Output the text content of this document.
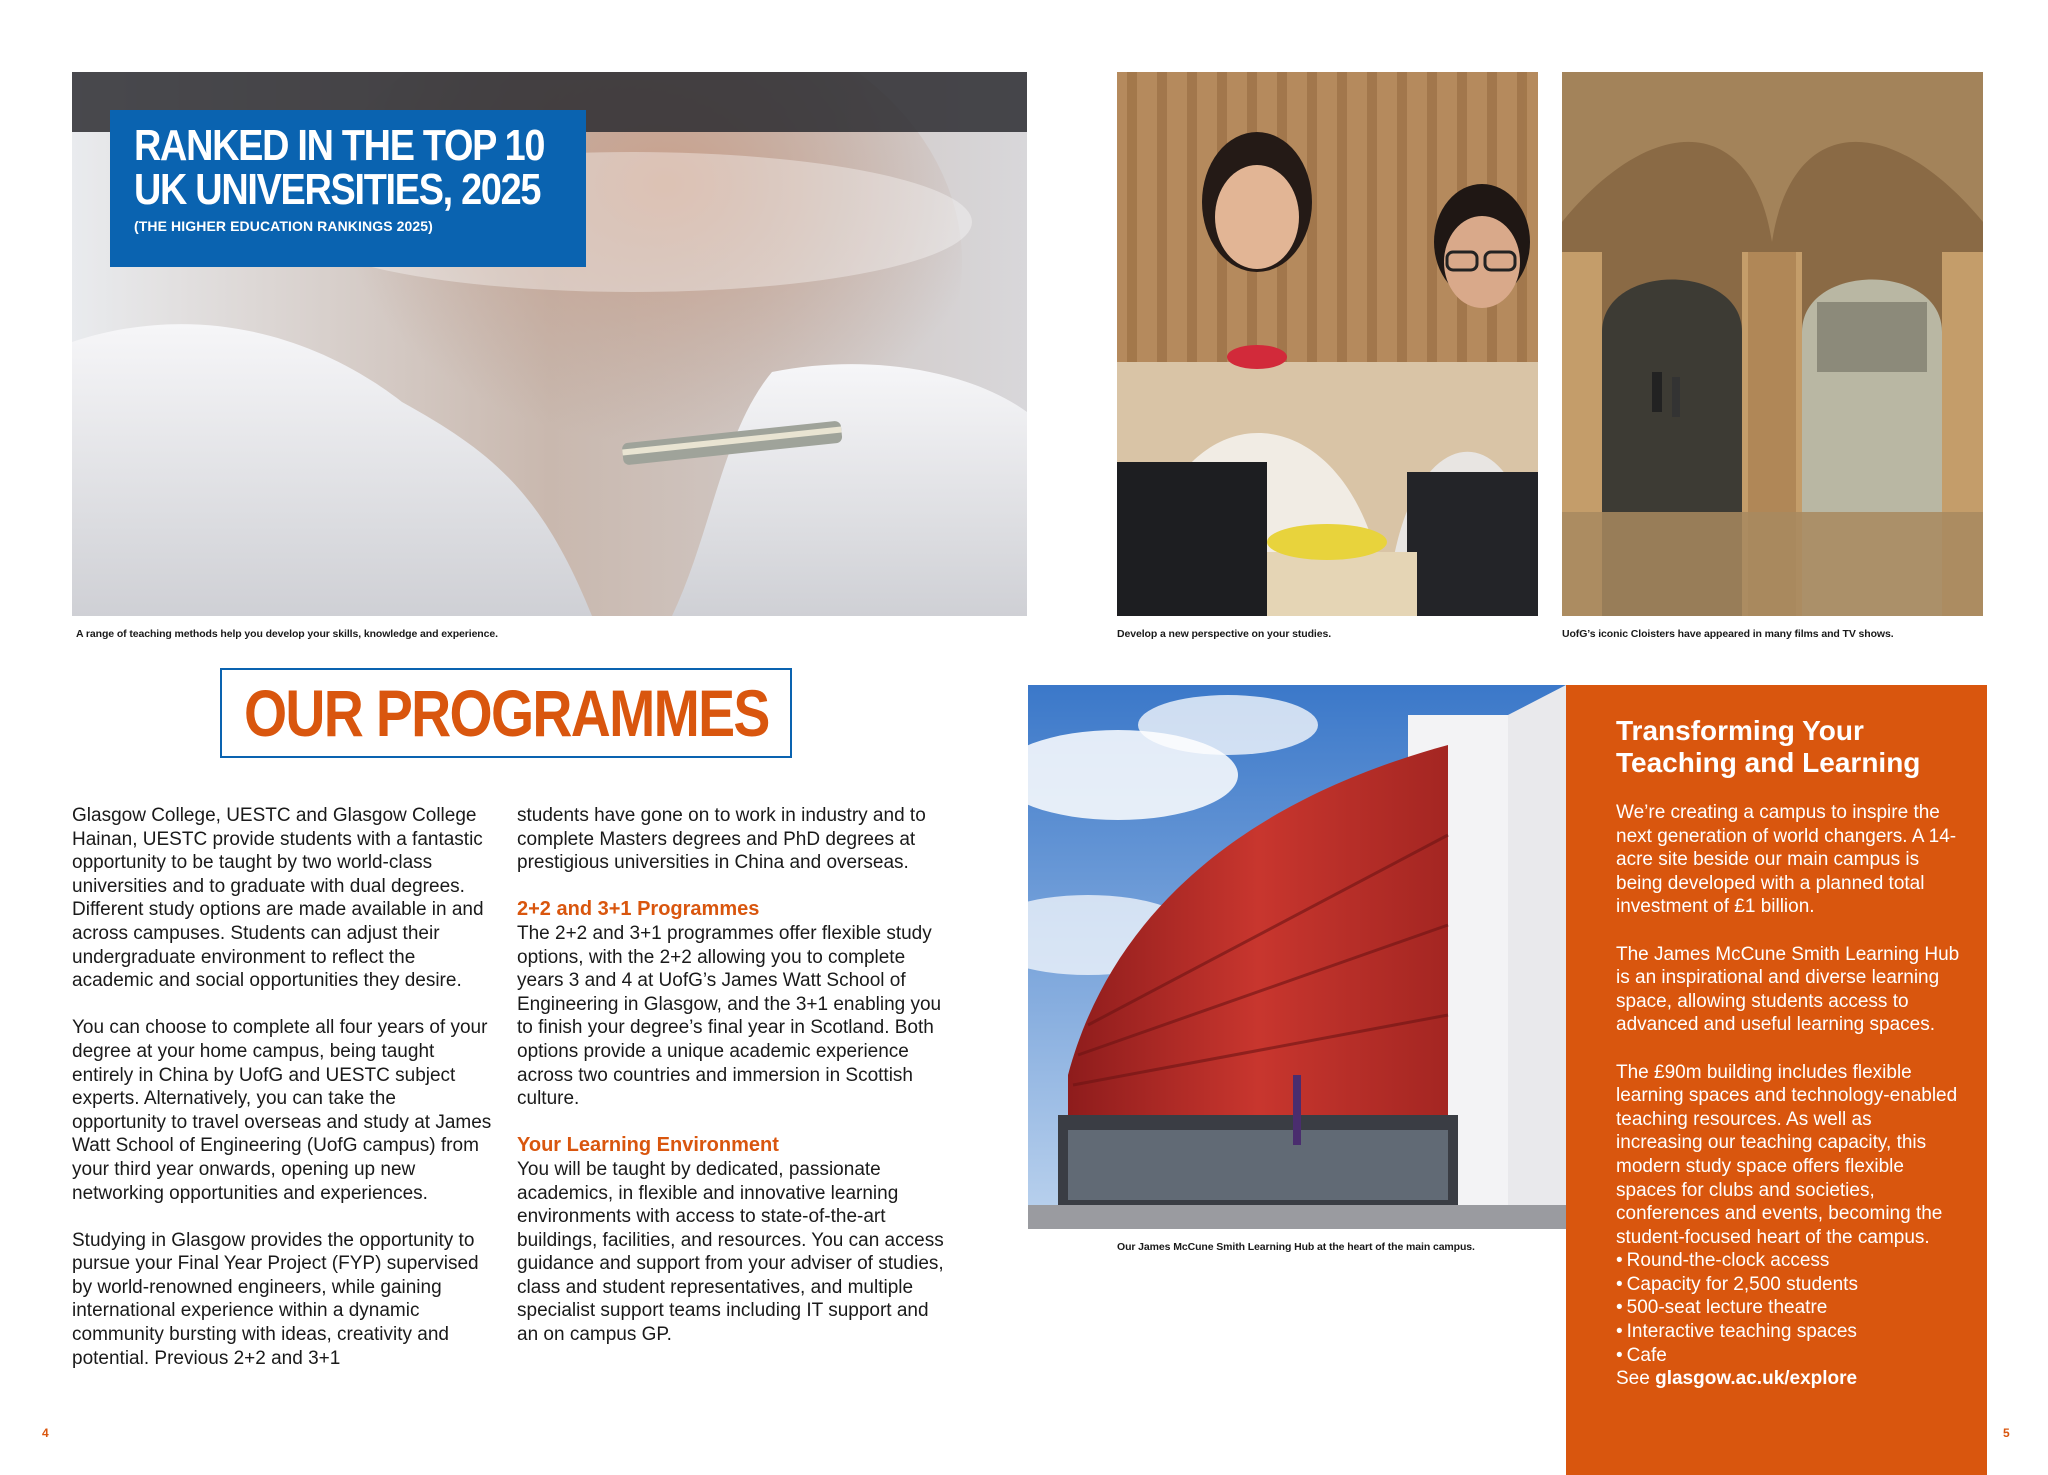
RANKED IN THE TOP 10
UK UNIVERSITIES, 2025
(THE HIGHER EDUCATION RANKINGS 2025)
A range of teaching methods help you develop your skills, knowledge and experience.	Develop a new perspective on your studies.	UofG’s iconic Cloisters have appeared in many films and TV shows.
OUR PROGRAMMES

Glasgow College, UESTC and Glasgow College Hainan, UESTC provide students with a fantastic opportunity to be taught by two world-class universities and to graduate with dual degrees. Different study options are made available in and across campuses. Students can adjust their undergraduate environment to reflect the academic and social opportunities they desire.

You can choose to complete all four years of your degree at your home campus, being taught entirely in China by UofG and UESTC subject experts. Alternatively, you can take the opportunity to travel overseas and study at James Watt School of Engineering (UofG campus) from your third year onwards, opening up new networking opportunities and experiences.

Studying in Glasgow provides the opportunity to pursue your Final Year Project (FYP) supervised by world-renowned engineers, while gaining international experience within a dynamic community bursting with ideas, creativity and potential. Previous 2+2 and 3+1

students have gone on to work in industry and to complete Masters degrees and PhD degrees at prestigious universities in China and overseas.

2+2 and 3+1 Programmes

The 2+2 and 3+1 programmes offer flexible study options, with the 2+2 allowing you to complete years 3 and 4 at UofG’s James Watt School of Engineering in Glasgow, and the 3+1 enabling you to finish your degree’s final year in Scotland. Both options provide a unique academic experience across two countries and immersion in Scottish culture.

Your Learning Environment

You will be taught by dedicated, passionate academics, in flexible and innovative learning environments with access to state-of-the-art buildings, facilities, and resources. You can access guidance and support from your adviser of studies, class and student representatives, and multiple specialist support teams including IT support and an on campus GP.

Our James McCune Smith Learning Hub at the heart of the main campus.
Transforming Your Teaching and Learning

We’re creating a campus to inspire the next generation of world changers. A 14-acre site beside our main campus is being developed with a planned total investment of £1 billion.

The James McCune Smith Learning Hub is an inspirational and diverse learning space, allowing students access to advanced and useful learning spaces.

The £90m building includes flexible learning spaces and technology-enabled teaching resources. As well as increasing our teaching capacity, this modern study space offers flexible spaces for clubs and societies, conferences and events, becoming the student-focused heart of the campus.

• Round-the-clock access
• Capacity for 2,500 students
• 500-seat lecture theatre
• Interactive teaching spaces
• Cafe
See glasgow.ac.uk/explore
4	5
